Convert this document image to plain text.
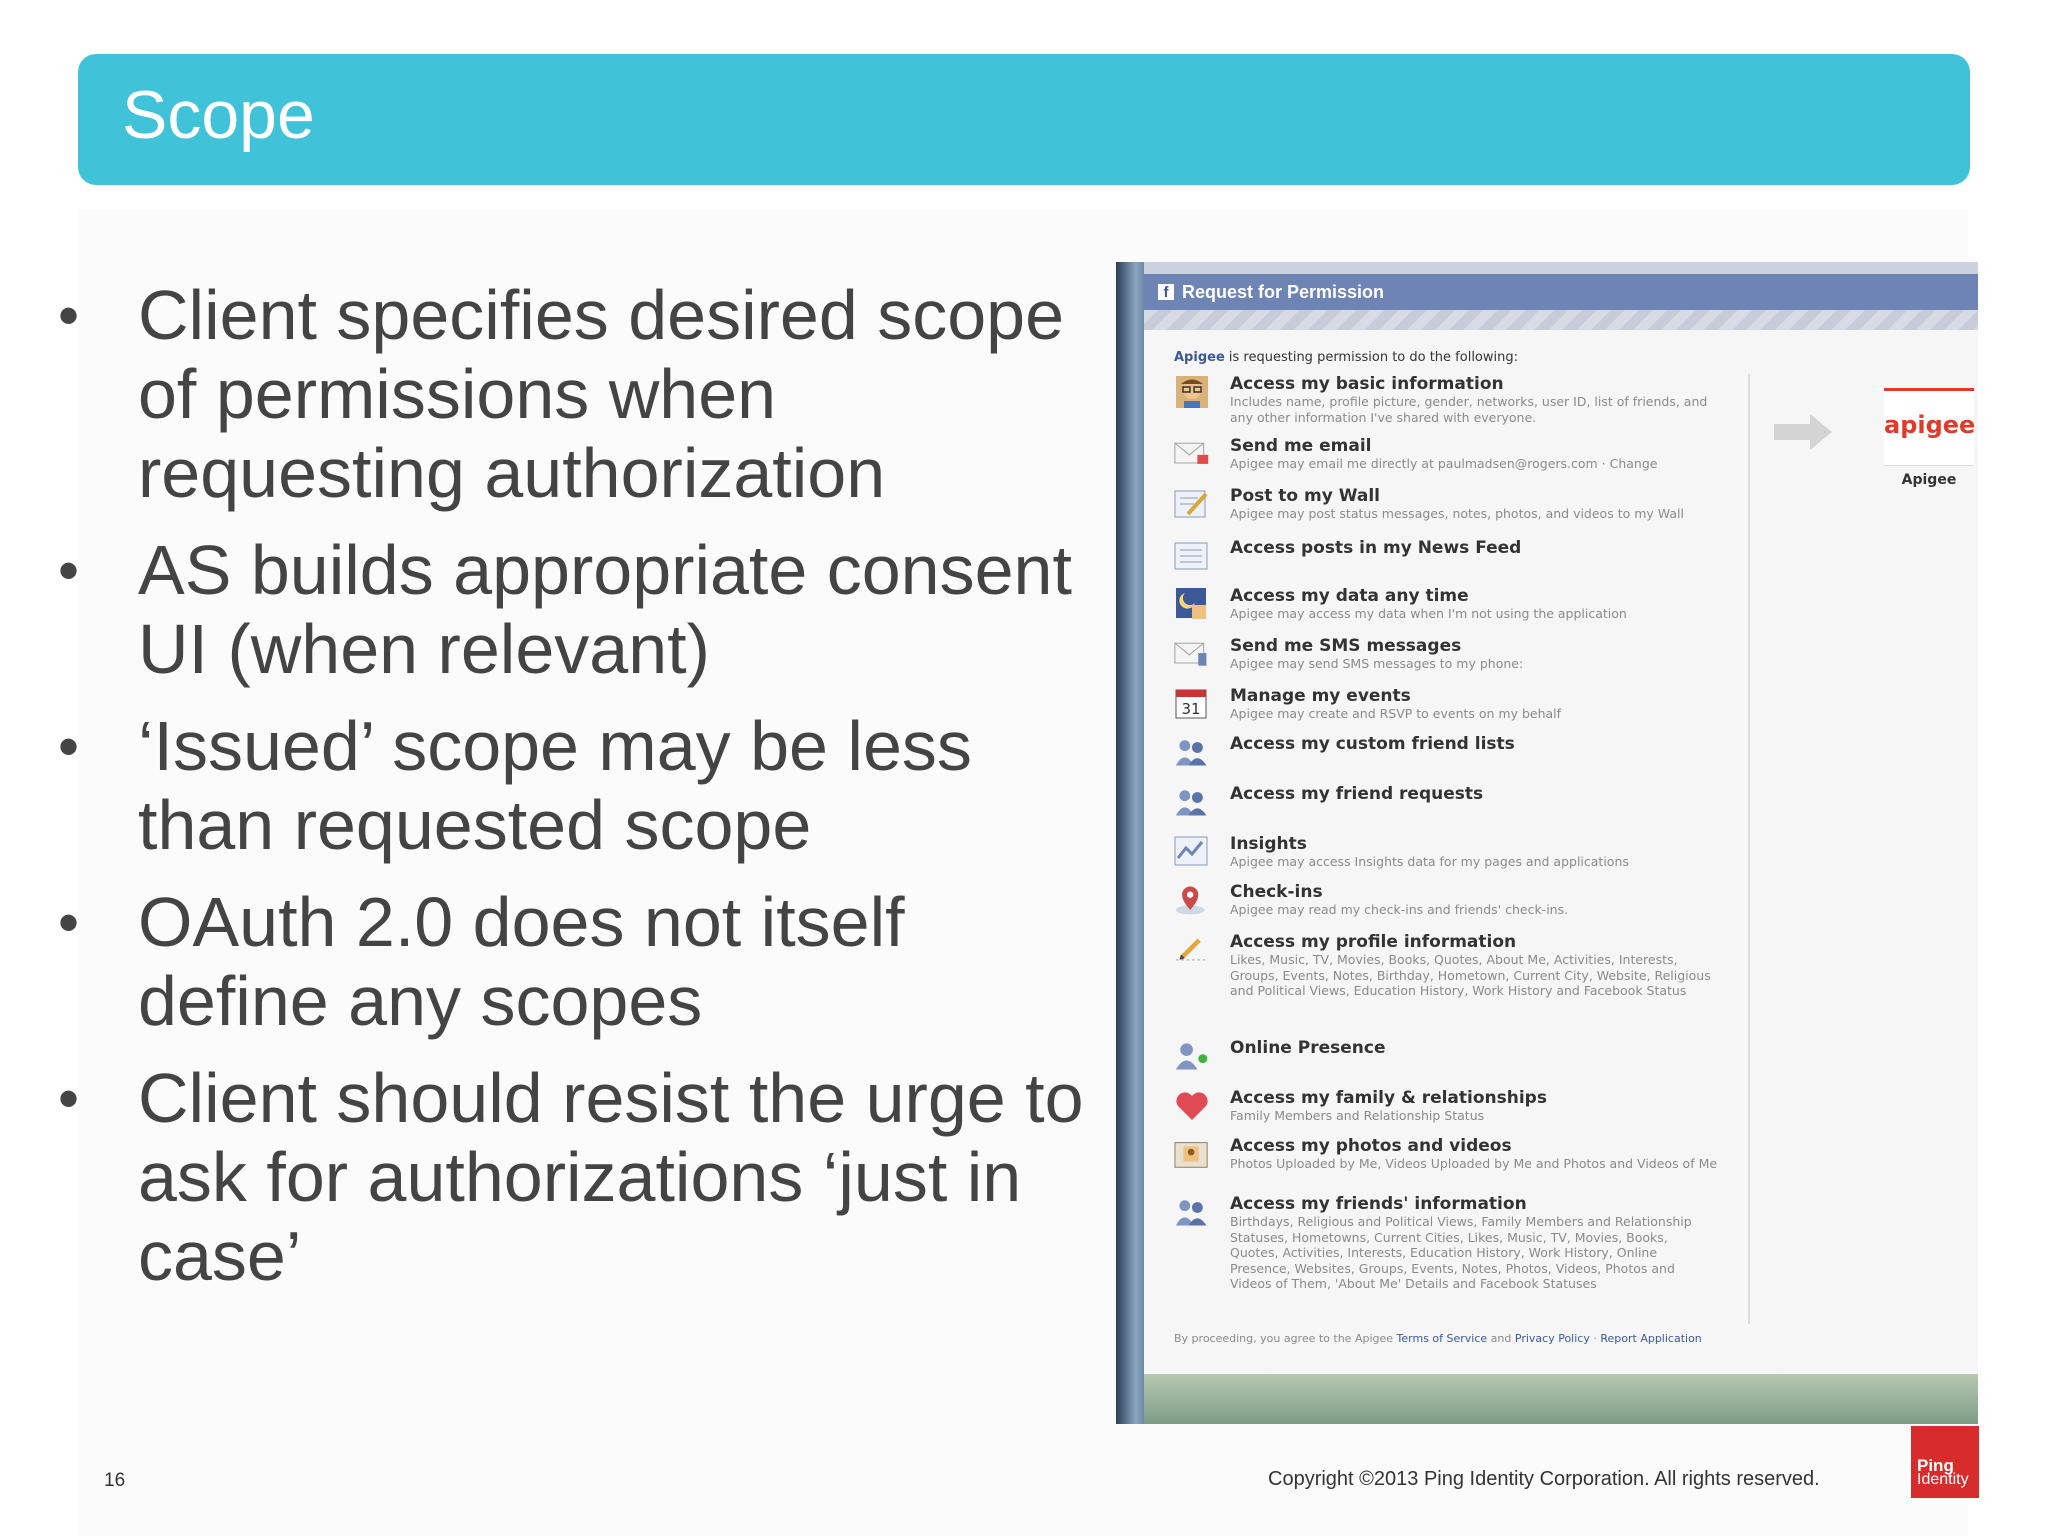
Scope
• Client specifies desired scope of permissions when requesting authorization
• AS builds appropriate consent UI (when relevant)
• ‘Issued’ scope may be less than requested scope
• OAuth 2.0 does not itself define any scopes
• Client should resist the urge to ask for authorizations ‘just in case’
f Request for Permission
Apigee is requesting permission to do the following:
Access my basic information
Includes name, profile picture, gender, networks, user ID, list of friends, and any other information I've shared with everyone.
Send me email
Apigee may email me directly at paulmadsen@rogers.com · Change
Post to my Wall
Apigee may post status messages, notes, photos, and videos to my Wall
Access posts in my News Feed
Access my data any time
Apigee may access my data when I'm not using the application
Send me SMS messages
Apigee may send SMS messages to my phone:
31
Manage my events
Apigee may create and RSVP to events on my behalf
Access my custom friend lists
Access my friend requests
Insights
Apigee may access Insights data for my pages and applications
Check-ins
Apigee may read my check-ins and friends' check-ins.
Access my profile information
Likes, Music, TV, Movies, Books, Quotes, About Me, Activities, Interests, Groups, Events, Notes, Birthday, Hometown, Current City, Website, Religious and Political Views, Education History, Work History and Facebook Status
Online Presence
Access my family & relationships
Family Members and Relationship Status
Access my photos and videos
Photos Uploaded by Me, Videos Uploaded by Me and Photos and Videos of Me
Access my friends' information
Birthdays, Religious and Political Views, Family Members and Relationship Statuses, Hometowns, Current Cities, Likes, Music, TV, Movies, Books, Quotes, Activities, Interests, Education History, Work History, Online Presence, Websites, Groups, Events, Notes, Photos, Videos, Photos and Videos of Them, 'About Me' Details and Facebook Statuses
apigee
Apigee
By proceeding, you agree to the Apigee Terms of Service and Privacy Policy · Report Application
16	Copyright ©2013 Ping Identity Corporation. All rights reserved.
Ping
Identity
